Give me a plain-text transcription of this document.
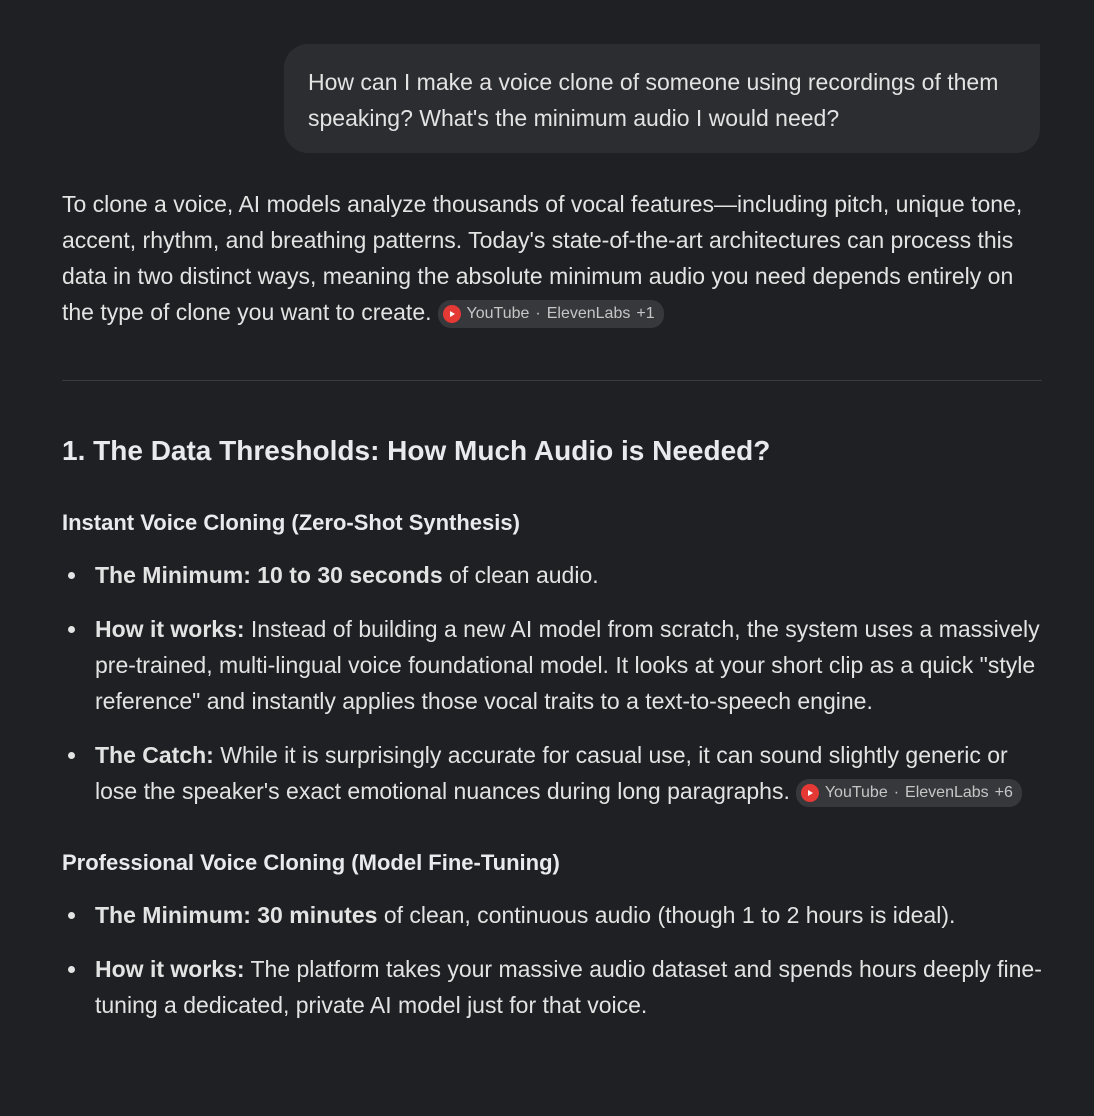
How can I make a voice clone of someone using recordings of them speaking? What's the minimum audio I would need?

To clone a voice, AI models analyze thousands of vocal features—including pitch, unique tone, accent, rhythm, and breathing patterns. Today's state-of-the-art architectures can process this data in two distinct ways, meaning the absolute minimum audio you need depends entirely on the type of clone you want to create. YouTube · ElevenLabs +1

1. The Data Thresholds: How Much Audio is Needed?
Instant Voice Cloning (Zero-Shot Synthesis)
The Minimum: 10 to 30 seconds of clean audio.
How it works: Instead of building a new AI model from scratch, the system uses a massively pre-trained, multi-lingual voice foundational model. It looks at your short clip as a quick "style reference" and instantly applies those vocal traits to a text-to-speech engine.
The Catch: While it is surprisingly accurate for casual use, it can sound slightly generic or lose the speaker's exact emotional nuances during long paragraphs. YouTube · ElevenLabs +6
Professional Voice Cloning (Model Fine-Tuning)
The Minimum: 30 minutes of clean, continuous audio (though 1 to 2 hours is ideal).
How it works: The platform takes your massive audio dataset and spends hours deeply fine-tuning a dedicated, private AI model just for that voice.
